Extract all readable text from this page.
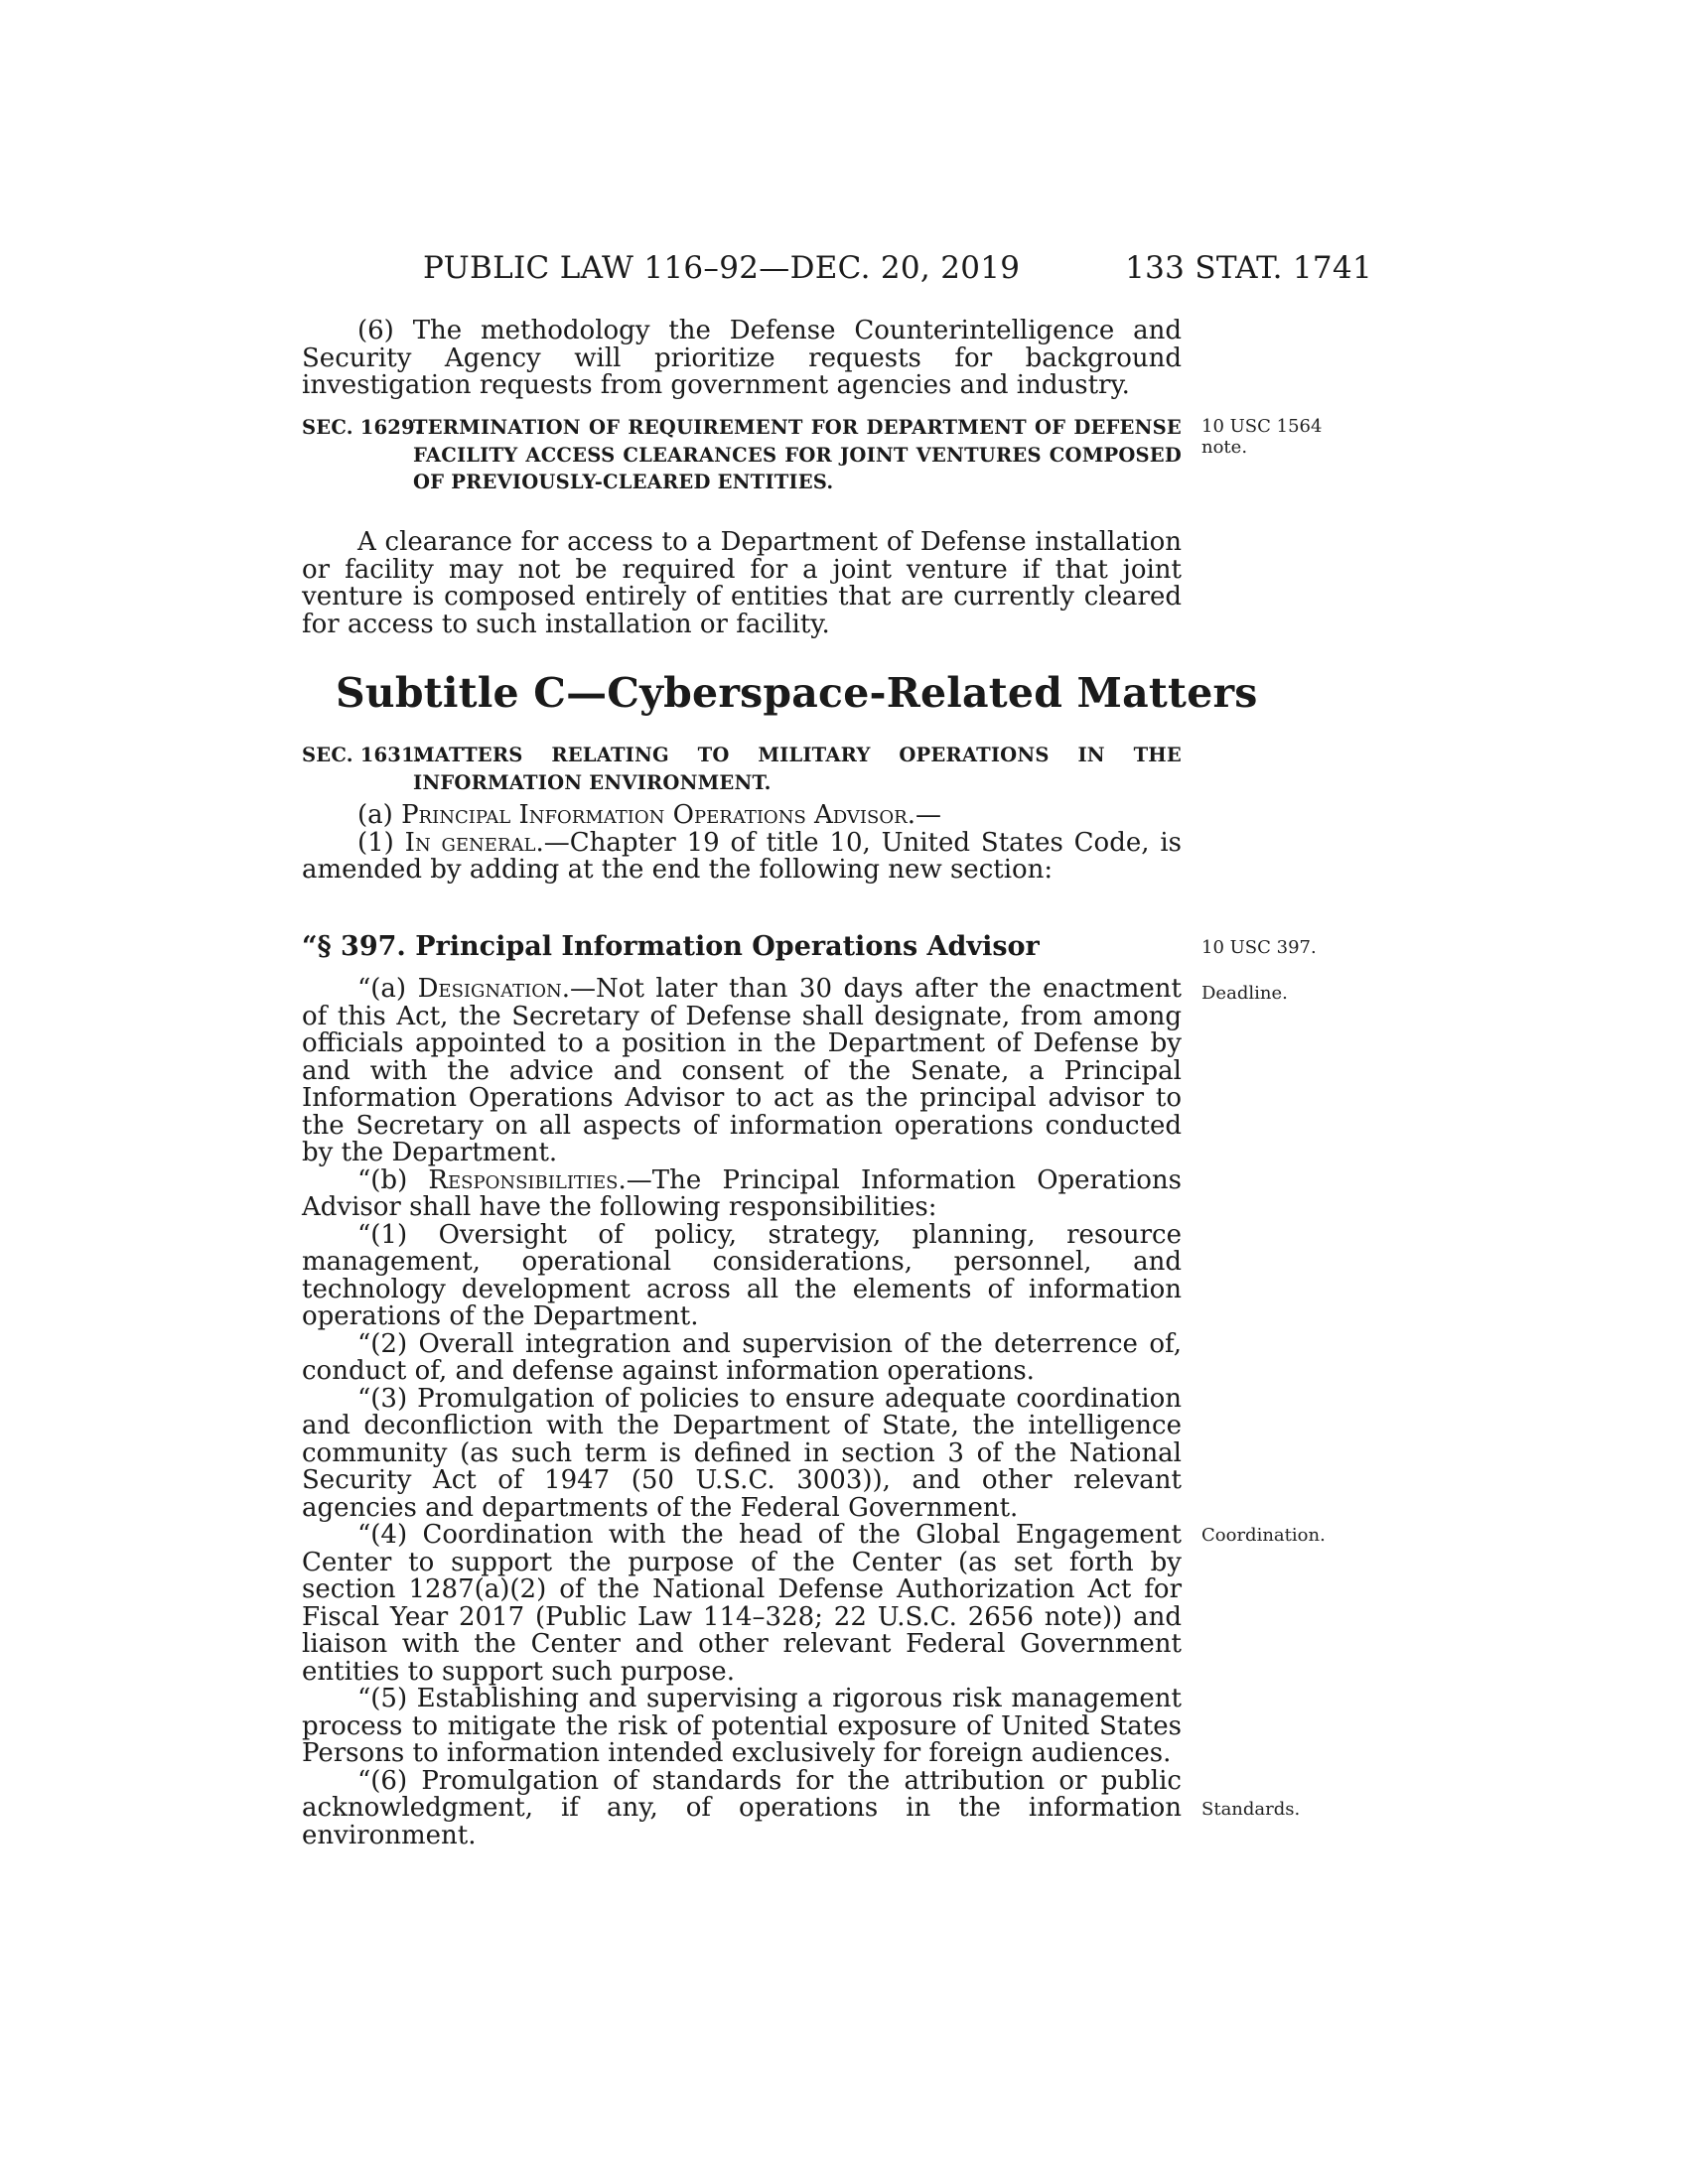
PUBLIC LAW 116–92—DEC. 20, 2019	133 STAT. 1741

(6) The methodology the Defense Counterintelligence and Security Agency will prioritize requests for background investigation requests from government agencies and industry.

SEC. 1629.
TERMINATION OF REQUIREMENT FOR DEPARTMENT OF DEFENSE FACILITY ACCESS CLEARANCES FOR JOINT VENTURES COMPOSED OF PREVIOUSLY-CLEARED ENTITIES.
10 USC 1564
note.

A clearance for access to a Department of Defense installation or facility may not be required for a joint venture if that joint venture is composed entirely of entities that are currently cleared for access to such installation or facility.

Subtitle C—Cyberspace-Related Matters
SEC. 1631.
MATTERS RELATING TO MILITARY OPERATIONS IN THE INFORMATION ENVIRONMENT.

(a) Principal Information Operations Advisor.—

(1) In general.—Chapter 19 of title 10, United States Code, is amended by adding at the end the following new section:

“§ 397. Principal Information Operations Advisor	10 USC 397.

“(a) Designation.—Not later than 30 days after the enactment of this Act, the Secretary of Defense shall designate, from among officials appointed to a position in the Department of Defense by and with the advice and consent of the Senate, a Principal Information Operations Advisor to act as the principal advisor to the Secretary on all aspects of information operations conducted by the Department.

“(b) Responsibilities.—The Principal Information Operations Advisor shall have the following responsibilities:

“(1) Oversight of policy, strategy, planning, resource management, operational considerations, personnel, and technology development across all the elements of information operations of the Department.

“(2) Overall integration and supervision of the deterrence of, conduct of, and defense against information operations.

“(3) Promulgation of policies to ensure adequate coordination and deconfliction with the Department of State, the intelligence community (as such term is defined in section 3 of the National Security Act of 1947 (50 U.S.C. 3003)), and other relevant agencies and departments of the Federal Government.

“(4) Coordination with the head of the Global Engagement Center to support the purpose of the Center (as set forth by section 1287(a)(2) of the National Defense Authorization Act for Fiscal Year 2017 (Public Law 114–328; 22 U.S.C. 2656 note)) and liaison with the Center and other relevant Federal Government entities to support such purpose.

“(5) Establishing and supervising a rigorous risk management process to mitigate the risk of potential exposure of United States Persons to information intended exclusively for foreign audiences.

“(6) Promulgation of standards for the attribution or public acknowledgment, if any, of operations in the information environment.

Deadline.
Coordination.
Standards.
